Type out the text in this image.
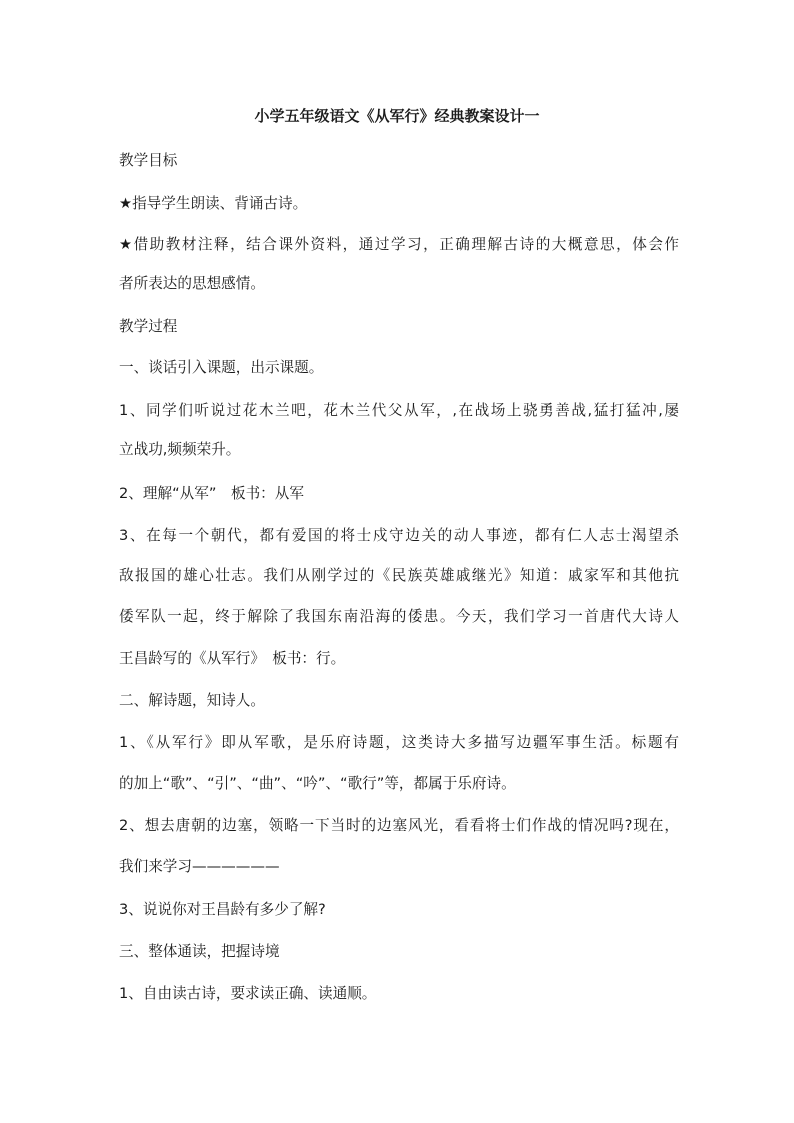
小学五年级语文《从军行》经典教案设计一
教学目标
★指导学生朗读、背诵古诗。
★借助教材注释，结合课外资料，通过学习，正确理解古诗的大概意思，体会作
者所表达的思想感情。
教学过程
一、谈话引入课题，出示课题。
1、同学们听说过花木兰吧，花木兰代父从军，,在战场上骁勇善战,猛打猛冲,屡
立战功,频频荣升。
2、理解“从军”　板书：从军
3、在每一个朝代，都有爱国的将士戍守边关的动人事迹，都有仁人志士渴望杀
敌报国的雄心壮志。我们从刚学过的《民族英雄戚继光》知道：戚家军和其他抗
倭军队一起，终于解除了我国东南沿海的倭患。今天，我们学习一首唐代大诗人
王昌龄写的《从军行》　板书：行。
二、解诗题，知诗人。
1、《从军行》即从军歌，是乐府诗题，这类诗大多描写边疆军事生活。标题有
的加上“歌”、“引”、“曲”、“吟”、“歌行”等，都属于乐府诗。
2、想去唐朝的边塞，领略一下当时的边塞风光，看看将士们作战的情况吗?现在，
我们来学习——————
3、说说你对王昌龄有多少了解?
三、整体通读，把握诗境
1、自由读古诗，要求读正确、读通顺。
